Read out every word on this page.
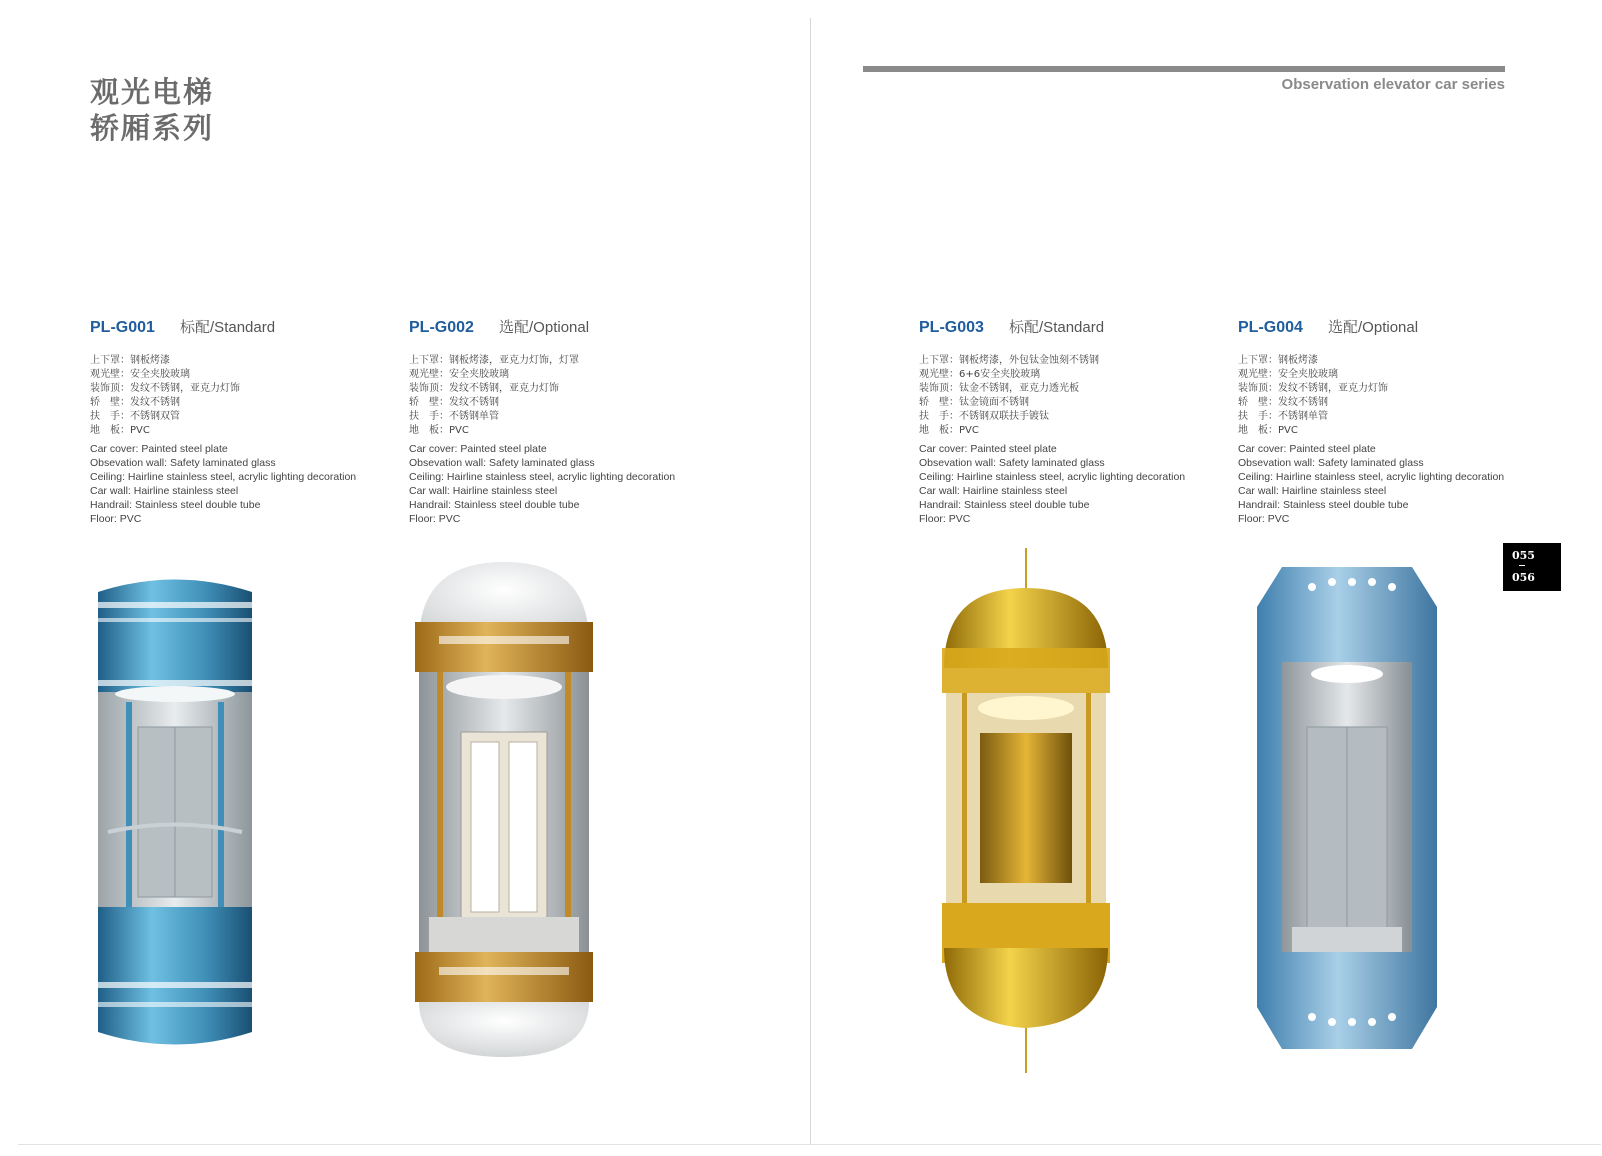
观光电梯
轿厢系列
Observation elevator car series
PL-G001 标配/Standard
上下罩：钢板烤漆
观光壁：安全夹胶玻璃
装饰顶：发纹不锈钢，亚克力灯饰
轿　壁：发纹不锈钢
扶　手：不锈钢双管
地　板：PVC
Car cover: Painted steel plate
Obsevation wall: Safety laminated glass
Ceiling: Hairline stainless steel, acrylic lighting decoration
Car wall: Hairline stainless steel
Handrail: Stainless steel double tube
Floor: PVC
PL-G002 选配/Optional
上下罩：钢板烤漆，亚克力灯饰，灯罩
观光壁：安全夹胶玻璃
装饰顶：发纹不锈钢，亚克力灯饰
轿　壁：发纹不锈钢
扶　手：不锈钢单管
地　板：PVC
Car cover: Painted steel plate
Obsevation wall: Safety laminated glass
Ceiling: Hairline stainless steel, acrylic lighting decoration
Car wall: Hairline stainless steel
Handrail: Stainless steel double tube
Floor: PVC
PL-G003 标配/Standard
上下罩：钢板烤漆，外包钛金蚀刻不锈钢
观光壁：6+6安全夹胶玻璃
装饰顶：钛金不锈钢，亚克力透光板
轿　壁：钛金镜面不锈钢
扶　手：不锈钢双联扶手镀钛
地　板：PVC
Car cover: Painted steel plate
Obsevation wall: Safety laminated glass
Ceiling: Hairline stainless steel, acrylic lighting decoration
Car wall: Hairline stainless steel
Handrail: Stainless steel double tube
Floor: PVC
PL-G004 选配/Optional
上下罩：钢板烤漆
观光壁：安全夹胶玻璃
装饰顶：发纹不锈钢，亚克力灯饰
轿　壁：发纹不锈钢
扶　手：不锈钢单管
地　板：PVC
Car cover: Painted steel plate
Obsevation wall: Safety laminated glass
Ceiling: Hairline stainless steel, acrylic lighting decoration
Car wall: Hairline stainless steel
Handrail: Stainless steel double tube
Floor: PVC
055
056
